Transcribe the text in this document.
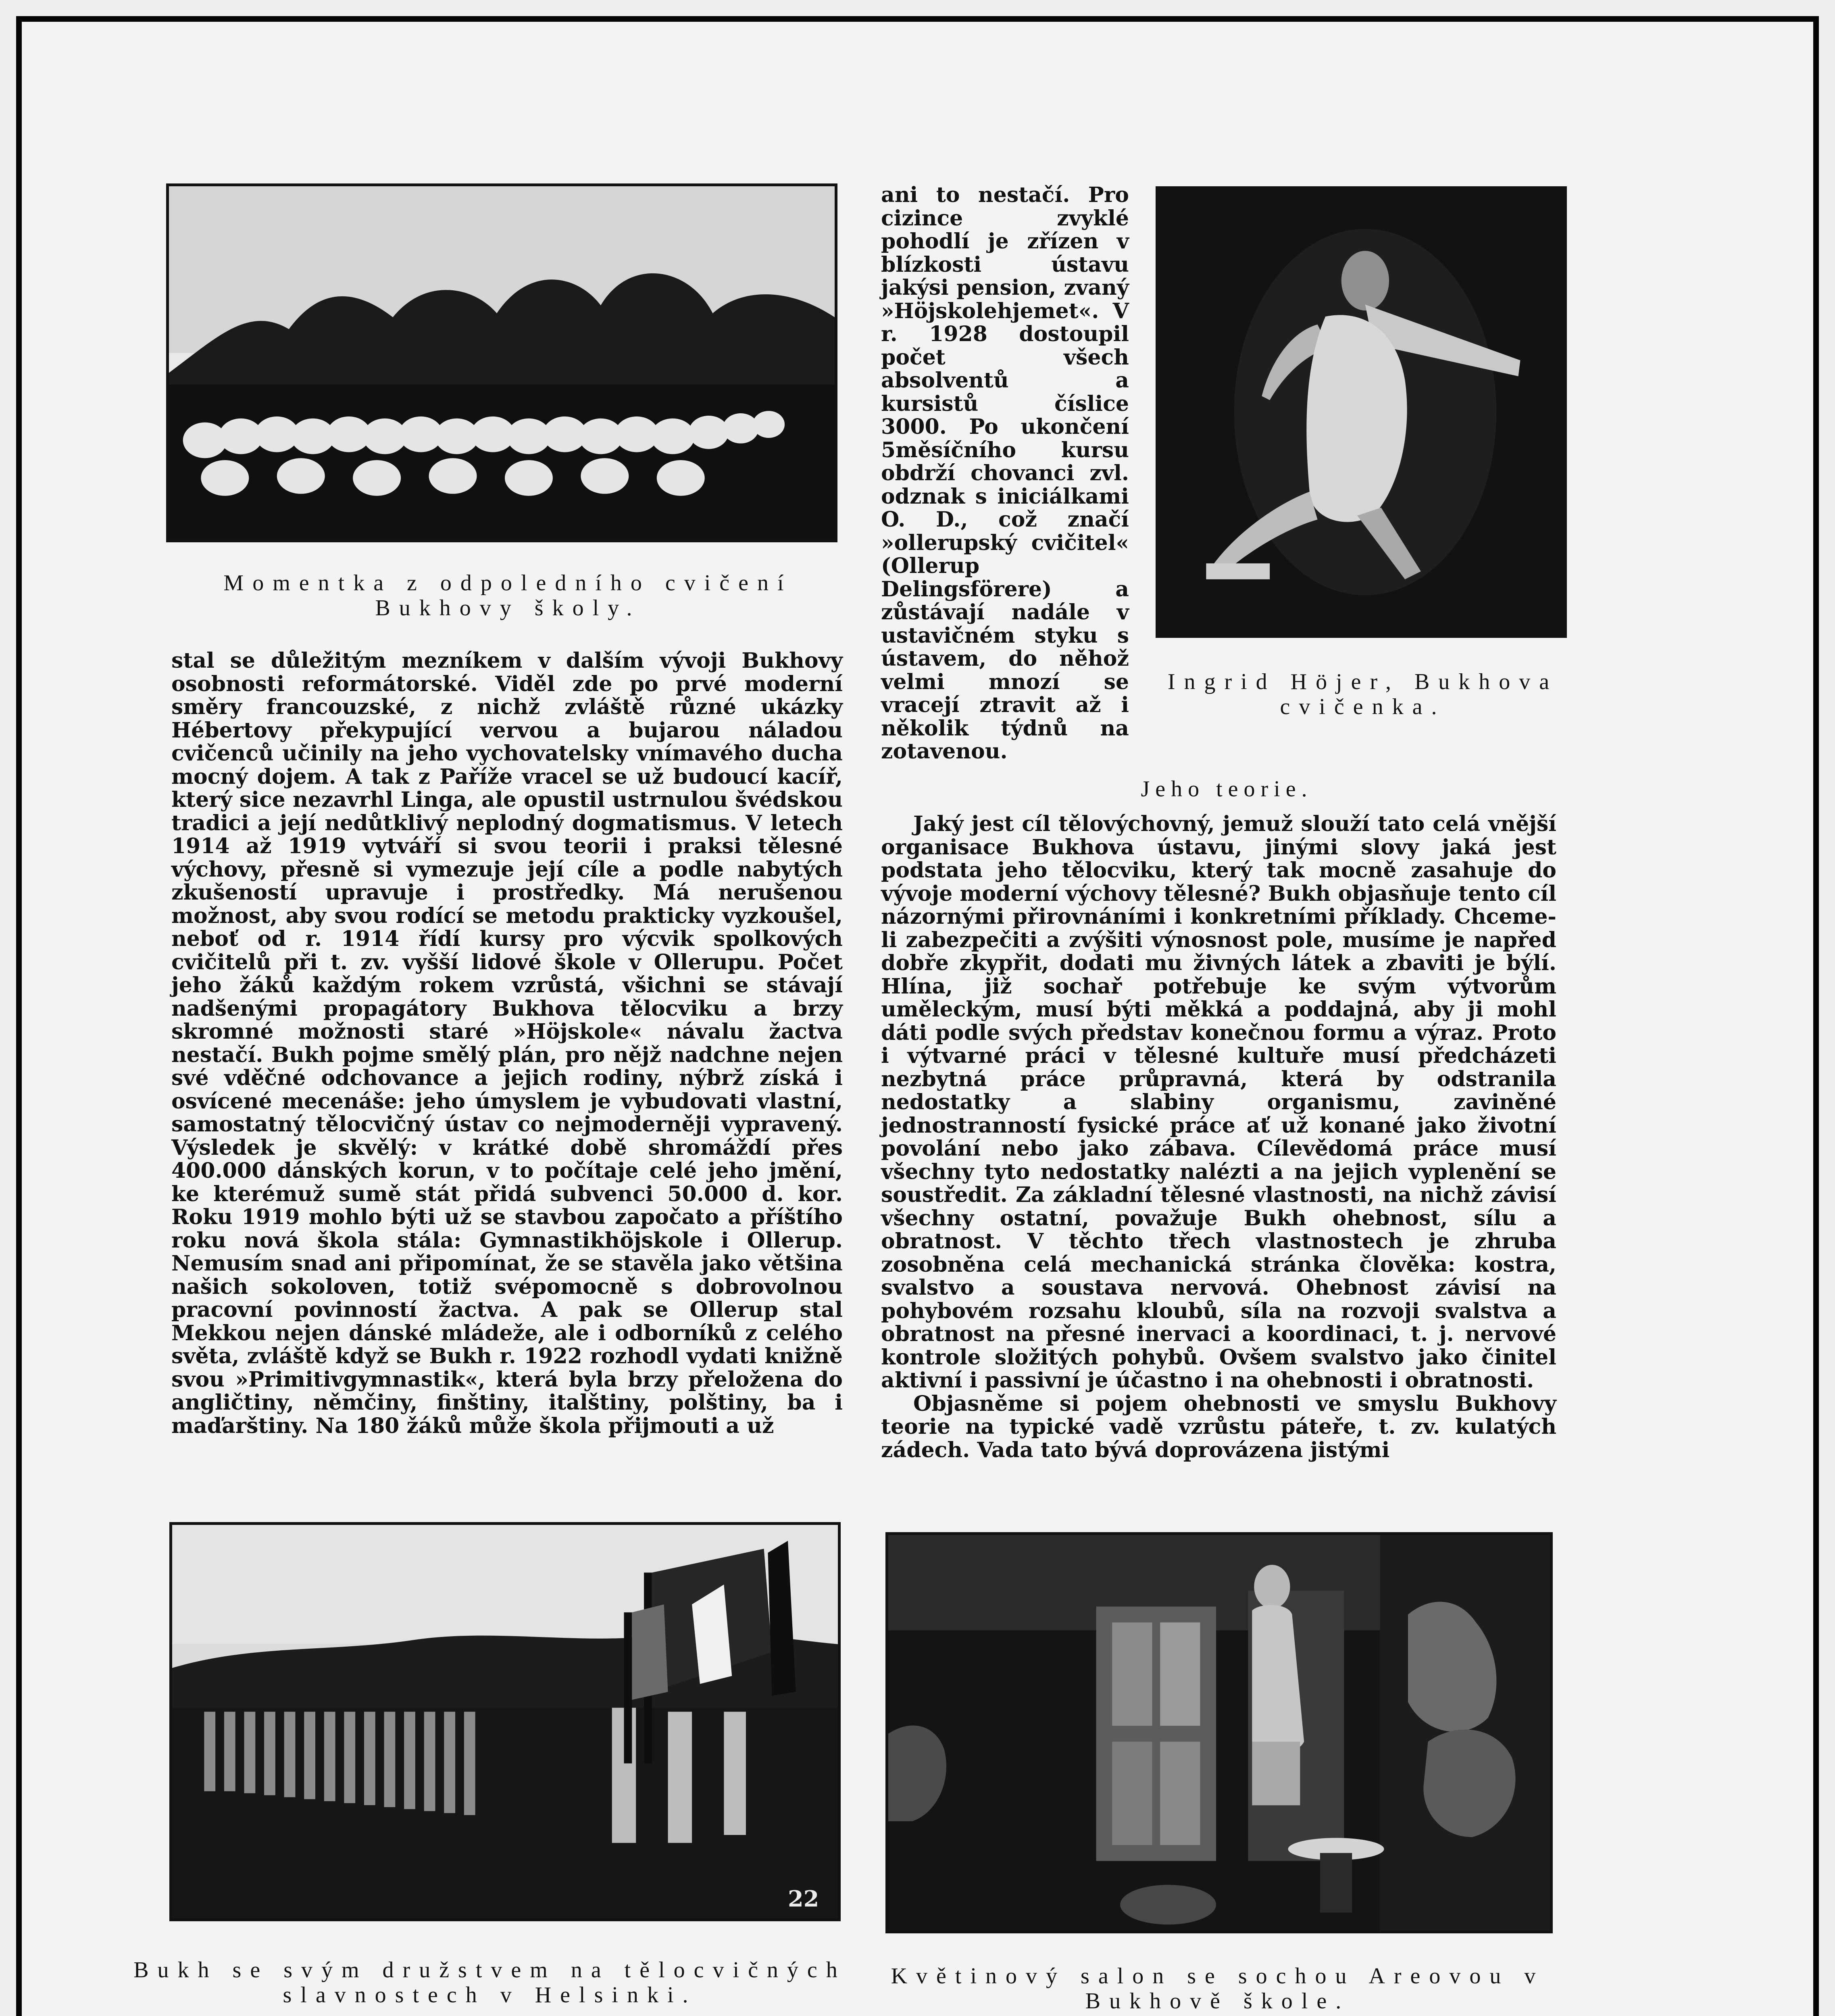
Momentka z odpoledního cvičení Bukhovy školy.
Ingrid Höjer, Bukhova cvičenka.

stal se důležitým mezníkem v dalším vývoji Bukhovy osobnosti reformátorské. Viděl zde po prvé moderní směry francouzské, z nichž zvláště různé ukázky Hébertovy překypující vervou a bujarou náladou cvičenců učinily na jeho vychovatelsky vnímavého ducha mocný dojem. A tak z Paříže vracel se už budoucí kacíř, který sice nezavrhl Linga, ale opustil ustrnulou švédskou tradici a její nedůtklivý neplodný dogmatismus. V letech 1914 až 1919 vytváří si svou teorii i praksi tělesné výchovy, přesně si vymezuje její cíle a podle nabytých zkušeností upravuje i prostředky. Má nerušenou možnost, aby svou rodící se metodu prakticky vyzkoušel, neboť od r. 1914 řídí kursy pro výcvik spolkových cvičitelů při t. zv. vyšší lidové škole v Ollerupu. Počet jeho žáků každým rokem vzrůstá, všichni se stávají nadšenými propagátory Bukhova tělocviku a brzy skromné možnosti staré »Höjskole« návalu žactva nestačí. Bukh pojme smělý plán, pro nějž nadchne nejen své vděčné odchovance a jejich rodiny, nýbrž získá i osvícené mecenáše: jeho úmyslem je vybudovati vlastní, samostatný tělocvičný ústav co nejmoderněji vypravený. Výsledek je skvělý: v krátké době shromáždí přes 400.000 dánských korun, v to počítaje celé jeho jmění, ke kterémuž sumě stát přidá subvenci 50.000 d. kor. Roku 1919 mohlo býti už se stavbou započato a příštího roku nová škola stála: Gymnastikhöjskole i Ollerup. Nemusím snad ani připomínat, že se stavěla jako většina našich sokoloven, totiž svépomocně s dobrovolnou pracovní povinností žactva. A pak se Ollerup stal Mekkou nejen dánské mládeže, ale i odborníků z celého světa, zvláště když se Bukh r. 1922 rozhodl vydati knižně svou »Primitivgymnastik«, která byla brzy přeložena do angličtiny, němčiny, finštiny, italštiny, polštiny, ba i maďarštiny. Na 180 žáků může škola přijmouti a už

ani to nestačí. Pro cizince zvyklé pohodlí je zřízen v blízkosti ústavu jakýsi pension, zvaný »Höjskolehjemet«. V r. 1928 dostoupil počet všech absolventů a kursistů číslice 3000. Po ukončení 5měsíčního kursu obdrží chovanci zvl. odznak s iniciálkami O. D., což značí »ollerupský cvičitel« (Ollerup Delingsförere) a zůstávají nadále v ustavičném styku s ústavem, do něhož velmi mnozí se vracejí ztravit až i několik týdnů na zotavenou.

Jeho teorie.

Jaký jest cíl tělovýchovný, jemuž slouží tato celá vnější organisace Bukhova ústavu, jinými slovy jaká jest podstata jeho tělocviku, který tak mocně zasahuje do vývoje moderní výchovy tělesné? Bukh objasňuje tento cíl názornými přirovnáními i konkretními příklady. Chceme-li zabezpečiti a zvýšiti výnosnost pole, musíme je napřed dobře zkypřit, dodati mu živných látek a zbaviti je býlí. Hlína, již sochař potřebuje ke svým výtvorům uměleckým, musí býti měkká a poddajná, aby ji mohl dáti podle svých představ konečnou formu a výraz. Proto i výtvarné práci v tělesné kultuře musí předcházeti nezbytná práce průpravná, která by odstranila nedostatky a slabiny organismu, zaviněné jednostranností fysické práce ať už konané jako životní povolání nebo jako zábava. Cílevědomá práce musí všechny tyto nedostatky nalézti a na jejich vyplenění se soustředit. Za základní tělesné vlastnosti, na nichž závisí všechny ostatní, považuje Bukh ohebnost, sílu a obratnost. V těchto třech vlastnostech je zhruba zosobněna celá mechanická stránka člověka: kostra, svalstvo a soustava nervová. Ohebnost závisí na pohybovém rozsahu kloubů, síla na rozvoji svalstva a obratnost na přesné inervaci a koordinaci, t. j. nervové kontrole složitých pohybů. Ovšem svalstvo jako činitel aktivní i passivní je účastno i na ohebnosti i obratnosti.

Objasněme si pojem ohebnosti ve smyslu Bukhovy teorie na typické vadě vzrůstu páteře, t. zv. kulatých zádech. Vada tato bývá doprovázena jistými

22
Bukh se svým družstvem na tělocvičných slavnostech v Helsinki.
Květinový salon se sochou Areovou v Bukhově škole.
